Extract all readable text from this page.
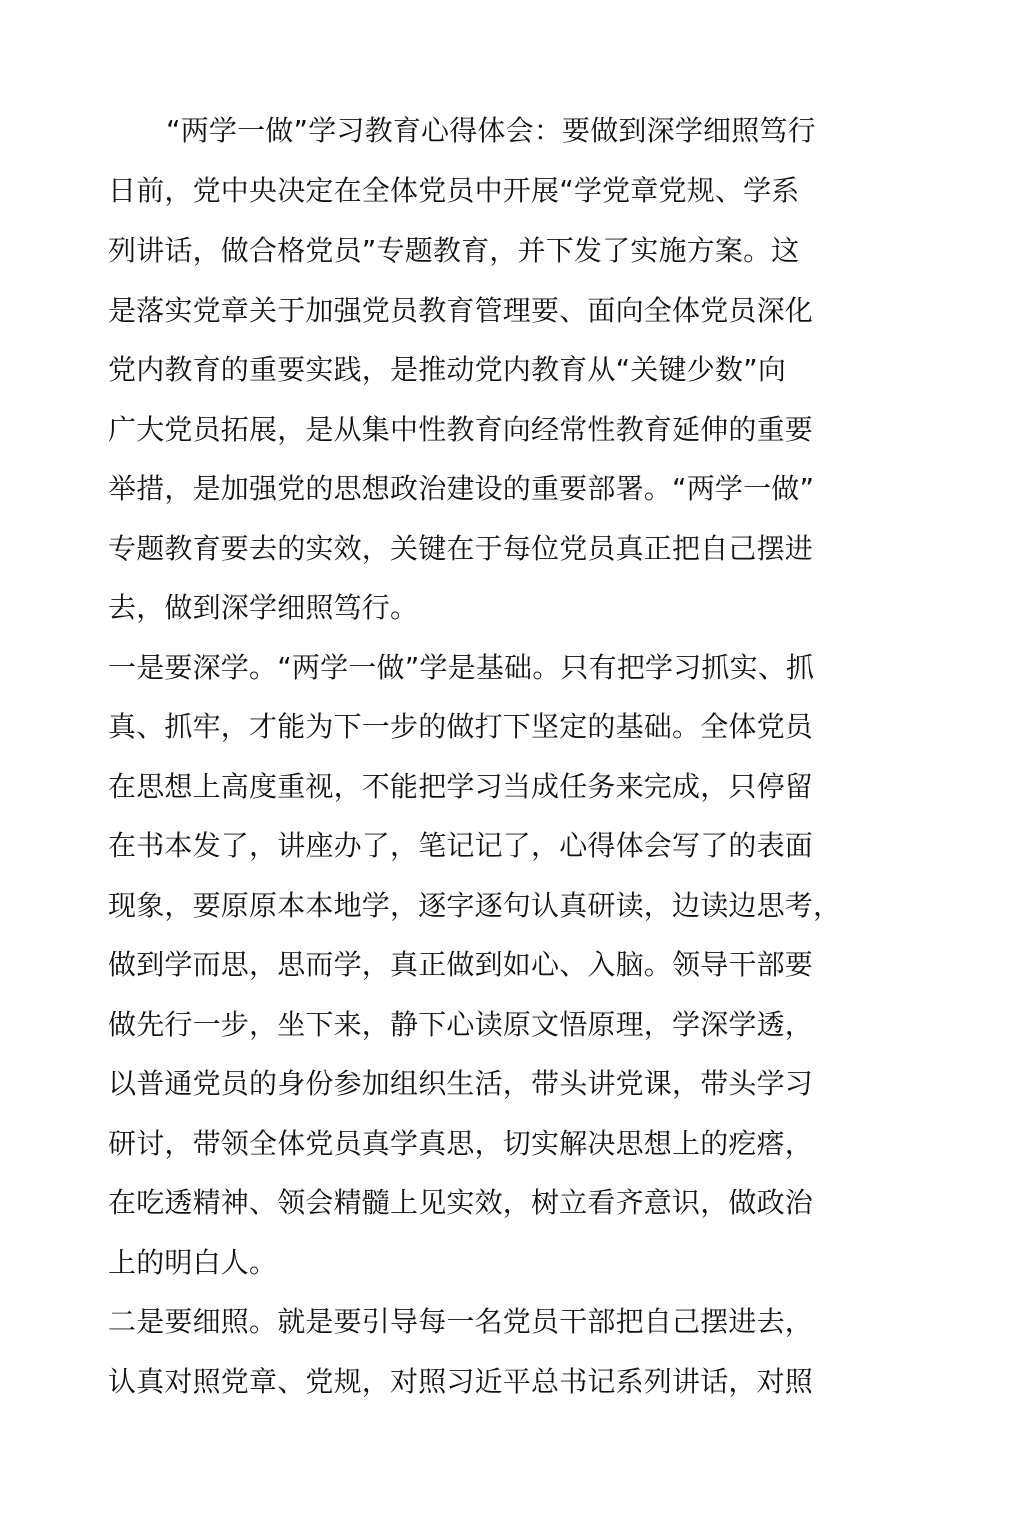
“两学一做”学习教育心得体会：要做到深学细照笃行
日前，党中央决定在全体党员中开展“学党章党规、学系
列讲话，做合格党员”专题教育，并下发了实施方案。这
是落实党章关于加强党员教育管理要、面向全体党员深化
党内教育的重要实践，是推动党内教育从“关键少数”向
广大党员拓展，是从集中性教育向经常性教育延伸的重要
举措，是加强党的思想政治建设的重要部署。“两学一做”
专题教育要去的实效，关键在于每位党员真正把自己摆进
去，做到深学细照笃行。
一是要深学。“两学一做”学是基础。只有把学习抓实、抓
真、抓牢，才能为下一步的做打下坚定的基础。全体党员
在思想上高度重视，不能把学习当成任务来完成，只停留
在书本发了，讲座办了，笔记记了，心得体会写了的表面
现象，要原原本本地学，逐字逐句认真研读，边读边思考，
做到学而思，思而学，真正做到如心、入脑。领导干部要
做先行一步，坐下来，静下心读原文悟原理，学深学透，
以普通党员的身份参加组织生活，带头讲党课，带头学习
研讨，带领全体党员真学真思，切实解决思想上的疙瘩，
在吃透精神、领会精髓上见实效，树立看齐意识，做政治
上的明白人。
二是要细照。就是要引导每一名党员干部把自己摆进去，
认真对照党章、党规，对照习近平总书记系列讲话，对照
